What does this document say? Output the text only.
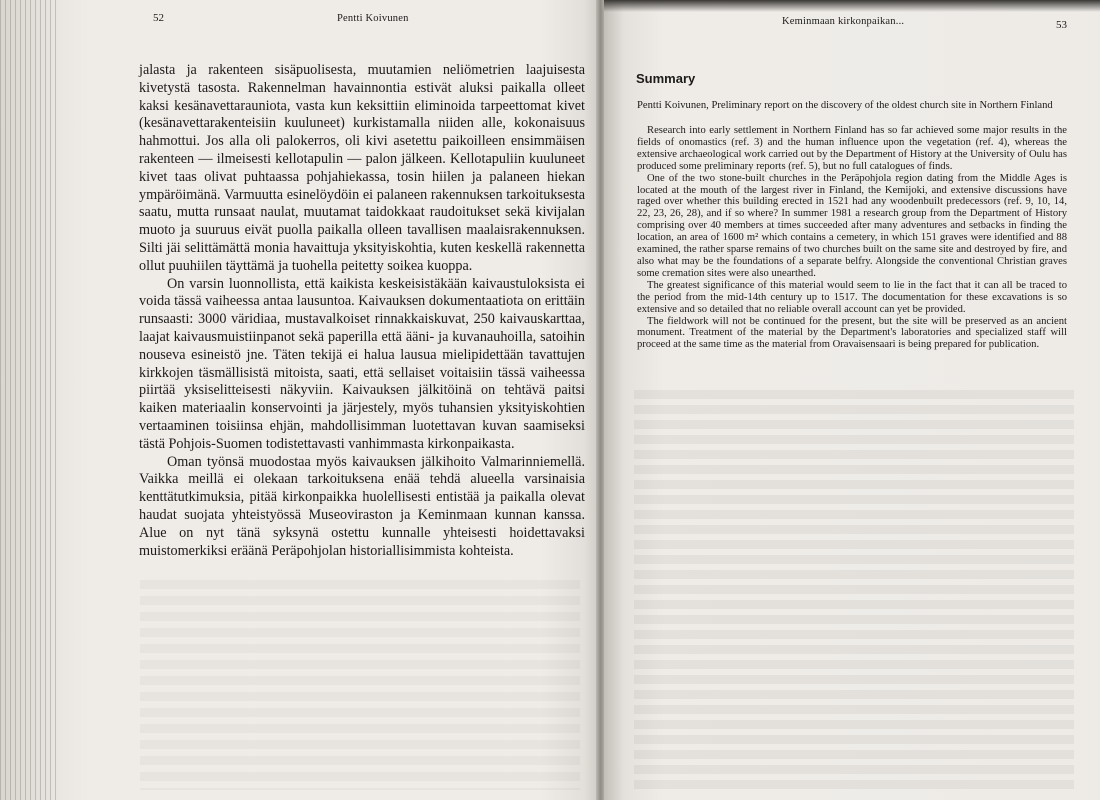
52	Pentti Koivunen

jalasta ja rakenteen sisäpuolisesta, muutamien neliömetrien laajuisesta kivetystä tasosta. Rakennelman havainnontia estivät aluksi paikalla olleet kaksi kesänavettarauniota, vasta kun keksittiin eliminoida tarpeettomat kivet (kesänavettarakenteisiin kuuluneet) kurkistamalla niiden alle, kokonaisuus hahmottui. Jos alla oli palokerros, oli kivi asetettu paikoilleen ensimmäisen rakenteen — ilmeisesti kellotapulin — palon jälkeen. Kellotapuliin kuuluneet kivet taas olivat puhtaassa pohjahiekassa, tosin hiilen ja palaneen hiekan ympäröimänä. Varmuutta esinelöydöin ei palaneen rakennuksen tarkoituksesta saatu, mutta runsaat naulat, muutamat taidokkaat raudoitukset sekä kivijalan muoto ja suuruus eivät puolla paikalla olleen tavallisen maalaisrakennuksen. Silti jäi selittämättä monia havaittuja yksityiskohtia, kuten keskellä rakennetta ollut puuhiilen täyttämä ja tuohella peitetty soikea kuoppa.

On varsin luonnollista, että kaikista keskeisistäkään kaivaustuloksista ei voida tässä vaiheessa antaa lausuntoa. Kaivauksen dokumentaatiota on erittäin runsaasti: 3000 väridiaa, mustavalkoiset rinnakkaiskuvat, 250 kaivauskarttaa, laajat kaivausmuistiinpanot sekä paperilla että ääni- ja kuvanauhoilla, satoihin nouseva esineistö jne. Täten tekijä ei halua lausua mielipidettään tavattujen kirkkojen täsmällisistä mitoista, saati, että sellaiset voitaisiin tässä vaiheessa piirtää yksiselitteisesti näkyviin. Kaivauksen jälkitöinä on tehtävä paitsi kaiken materiaalin konservointi ja järjestely, myös tuhansien yksityiskohtien vertaaminen toisiinsa ehjän, mahdollisimman luotettavan kuvan saamiseksi tästä Pohjois-Suomen todistettavasti vanhimmasta kirkonpaikasta.

Oman työnsä muodostaa myös kaivauksen jälkihoito Valmarinniemellä. Vaikka meillä ei olekaan tarkoituksena enää tehdä alueella varsinaisia kenttätutkimuksia, pitää kirkonpaikka huolellisesti entistää ja paikalla olevat haudat suojata yhteistyössä Museoviraston ja Keminmaan kunnan kanssa. Alue on nyt tänä syksynä ostettu kunnalle yhteisesti hoidettavaksi muistomerkiksi eräänä Peräpohjolan historiallisimmista kohteista.

Keminmaan kirkonpaikan...	53
Summary
Pentti Koivunen, Preliminary report on the discovery of the oldest church site in Northern Finland

Research into early settlement in Northern Finland has so far achieved some major results in the fields of onomastics (ref. 3) and the human influence upon the vegetation (ref. 4), whereas the extensive archaeological work carried out by the Department of History at the University of Oulu has produced some preliminary reports (ref. 5), but no full catalogues of finds.

One of the two stone-built churches in the Peräpohjola region dating from the Middle Ages is located at the mouth of the largest river in Finland, the Kemijoki, and extensive discussions have raged over whether this building erected in 1521 had any woodenbuilt predecessors (ref. 9, 10, 14, 22, 23, 26, 28), and if so where? In summer 1981 a research group from the Department of History comprising over 40 members at times succeeded after many adventures and setbacks in finding the location, an area of 1600 m² which contains a cemetery, in which 151 graves were identified and 88 examined, the rather sparse remains of two churches built on the same site and destroyed by fire, and also what may be the foundations of a separate belfry. Alongside the conventional Christian graves some cremation sites were also unearthed.

The greatest significance of this material would seem to lie in the fact that it can all be traced to the period from the mid-14th century up to 1517. The documentation for these excavations is so extensive and so detailed that no reliable overall account can yet be provided.

The fieldwork will not be continued for the present, but the site will be preserved as an ancient monument. Treatment of the material by the Department's laboratories and specialized staff will proceed at the same time as the material from Oravaisensaari is being prepared for publication.
